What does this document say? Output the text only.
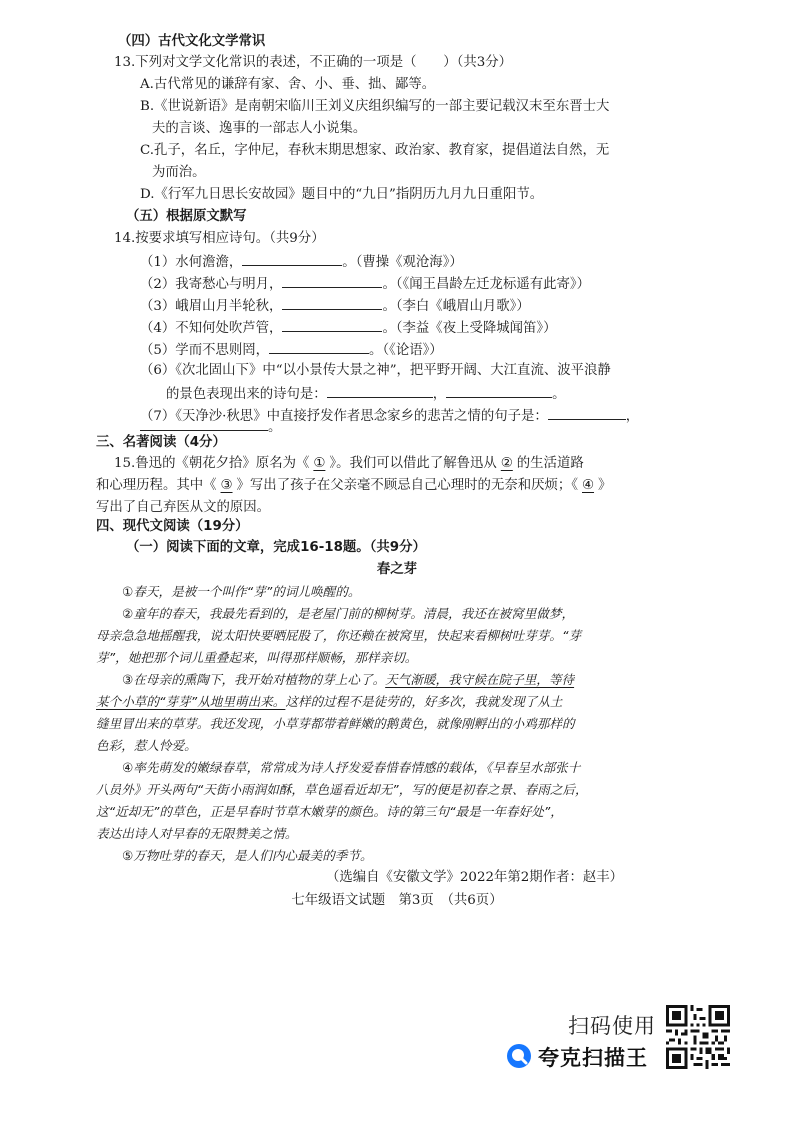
（四）古代文化文学常识
13.下列对文学文化常识的表述，不正确的一项是（　　）（共3分）
A.古代常见的谦辞有家、舍、小、垂、拙、鄙等。
B.《世说新语》是南朝宋临川王刘义庆组织编写的一部主要记载汉末至东晋士大
夫的言谈、逸事的一部志人小说集。
C.孔子，名丘，字仲尼，春秋末期思想家、政治家、教育家，提倡道法自然，无
为而治。
D.《行军九日思长安故园》题目中的“九日”指阴历九月九日重阳节。
（五）根据原文默写
14.按要求填写相应诗句。（共9分）
（1）水何澹澹，	。（曹操《观沧海》）
（2）我寄愁心与明月，	。（《闻王昌龄左迁龙标遥有此寄》）
（3）峨眉山月半轮秋，	。（李白《峨眉山月歌》）
（4）不知何处吹芦管，	。（李益《夜上受降城闻笛》）
（5）学而不思则罔，	。（《论语》）
（6）《次北固山下》中“以小景传大景之神”，把平野开阔、大江直流、波平浪静
的景色表现出来的诗句是：	，	。
（7）《天净沙·秋思》中直接抒发作者思念家乡的悲苦之情的句子是：	，
。
三、名著阅读（4分）
15.鲁迅的《朝花夕拾》原名为《 ① 》。我们可以借此了解鲁迅从 ② 的生活道路
和心理历程。其中《 ③ 》写出了孩子在父亲毫不顾忌自己心理时的无奈和厌烦；《 ④ 》
写出了自己弃医从文的原因。
四、现代文阅读（19分）
（一）阅读下面的文章，完成16-18题。（共9分）
春之芽
①春天，是被一个叫作“芽”的词儿唤醒的。
②童年的春天，我最先看到的，是老屋门前的柳树芽。清晨，我还在被窝里做梦，
母亲急急地摇醒我，说太阳快要晒屁股了，你还赖在被窝里，快起来看柳树吐芽芽。“芽
芽”，她把那个词儿重叠起来，叫得那样顺畅，那样亲切。
③在母亲的熏陶下，我开始对植物的芽上心了。天气渐暖，我守候在院子里，等待
某个小草的“芽芽”从地里萌出来。这样的过程不是徒劳的，好多次，我就发现了从土
缝里冒出来的草芽。我还发现，小草芽都带着鲜嫩的鹅黄色，就像刚孵出的小鸡那样的
色彩，惹人怜爱。
④率先萌发的嫩绿春草，常常成为诗人抒发爱春惜春情感的载体，《早春呈水部张十
八员外》开头两句“天街小雨润如酥，草色遥看近却无”，写的便是初春之景、春雨之后，
这“近却无”的草色，正是早春时节草木嫩芽的颜色。诗的第三句“最是一年春好处”，
表达出诗人对早春的无限赞美之情。
⑤万物吐芽的春天，是人们内心最美的季节。
（选编自《安徽文学》2022年第2期作者：赵丰）
七年级语文试题　第3页　（共6页）
扫码使用
夸克扫描王
